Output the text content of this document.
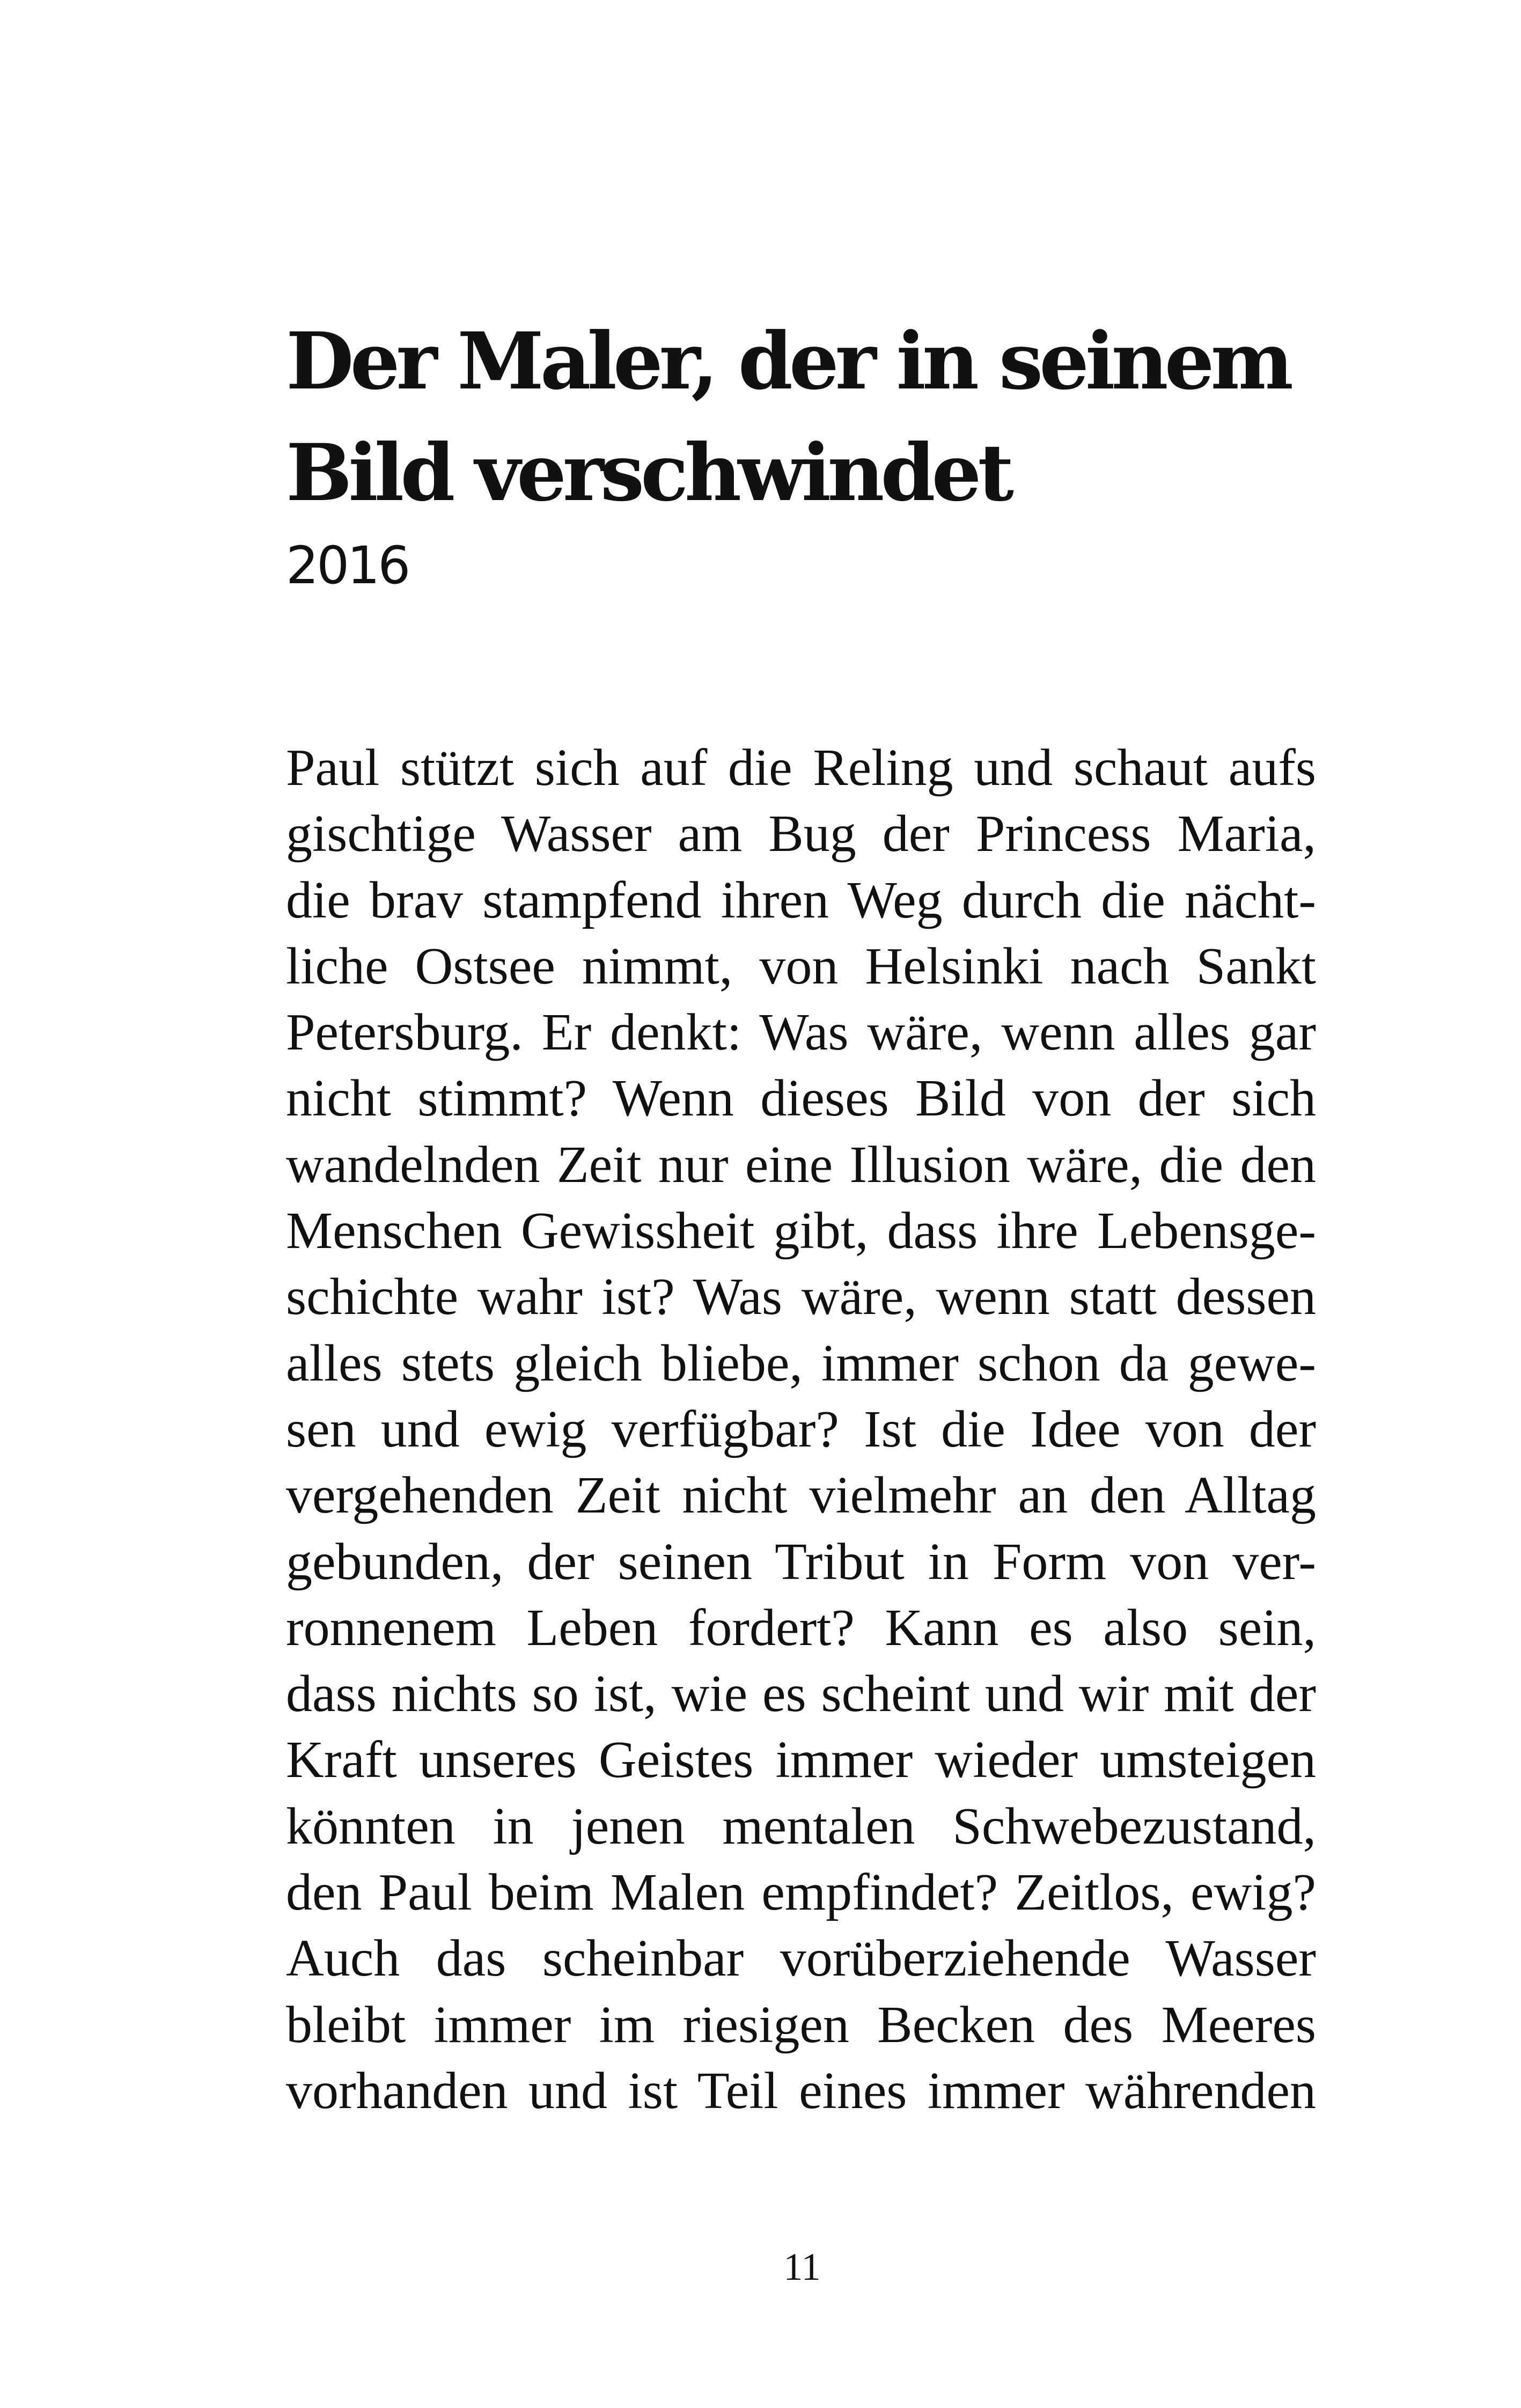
Der Maler, der in seinem
Bild verschwindet

2016

Paul stützt sich auf die Reling und schaut aufs
gischtige Wasser am Bug der Princess Maria,
die brav stampfend ihren Weg durch die nächt-
liche Ostsee nimmt, von Helsinki nach Sankt
Petersburg. Er denkt: Was wäre, wenn alles gar
nicht stimmt? Wenn dieses Bild von der sich
wandelnden Zeit nur eine Illusion wäre, die den
Menschen Gewissheit gibt, dass ihre Lebensge-
schichte wahr ist? Was wäre, wenn statt dessen
alles stets gleich bliebe, immer schon da gewe-
sen und ewig verfügbar? Ist die Idee von der
vergehenden Zeit nicht vielmehr an den Alltag
gebunden, der seinen Tribut in Form von ver-
ronnenem Leben fordert? Kann es also sein,
dass nichts so ist, wie es scheint und wir mit der
Kraft unseres Geistes immer wieder umsteigen
könnten in jenen mentalen Schwebezustand,
den Paul beim Malen empfindet? Zeitlos, ewig?
Auch das scheinbar vorüberziehende Wasser
bleibt immer im riesigen Becken des Meeres
vorhanden und ist Teil eines immer währenden

11
